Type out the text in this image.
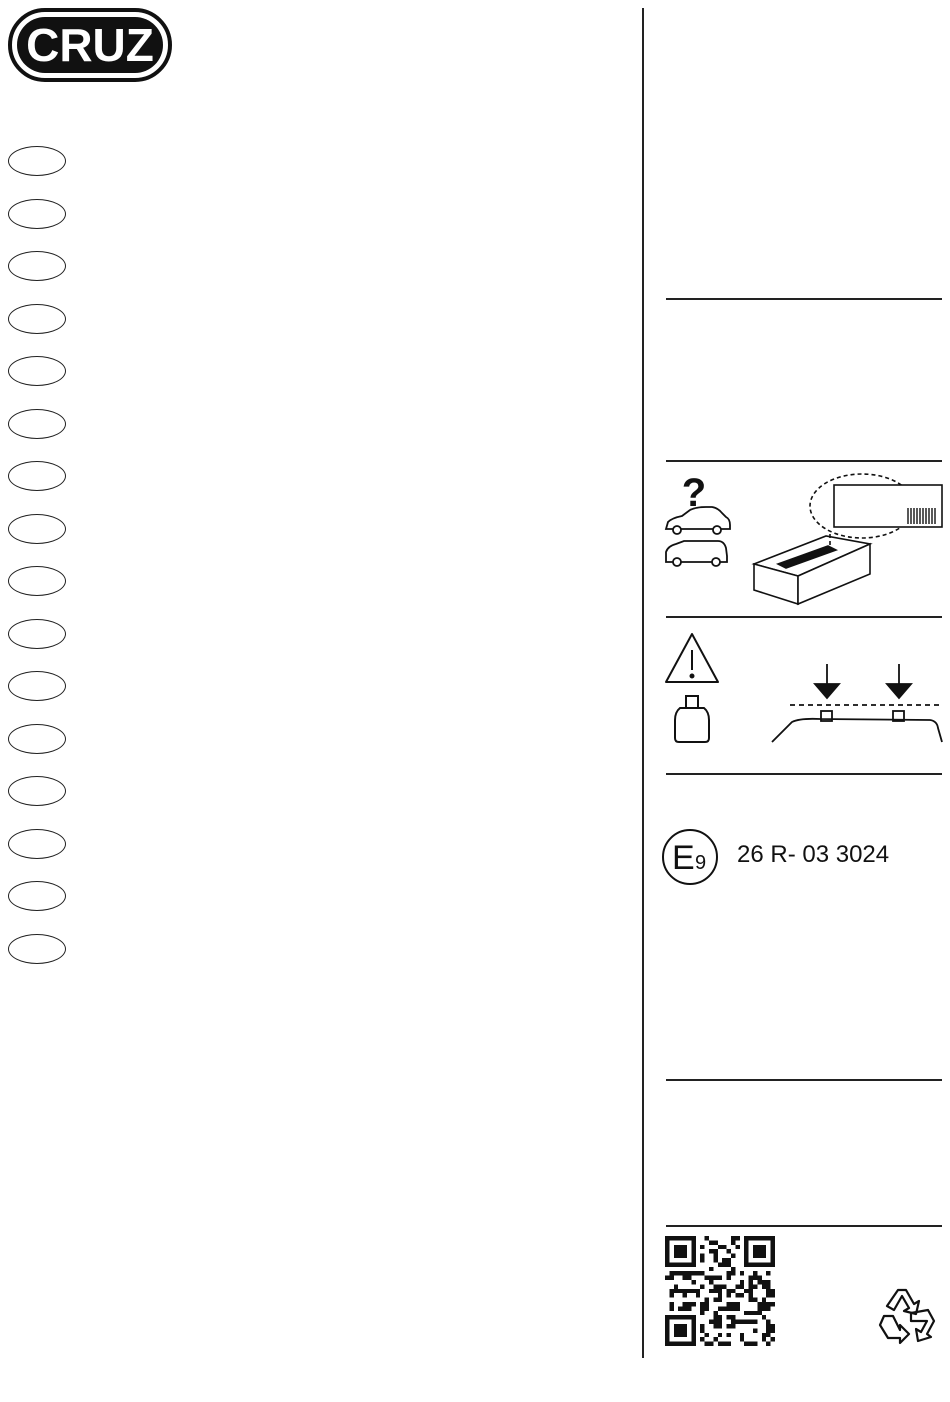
CRUZ
?
E 9 26 R- 03 3024
